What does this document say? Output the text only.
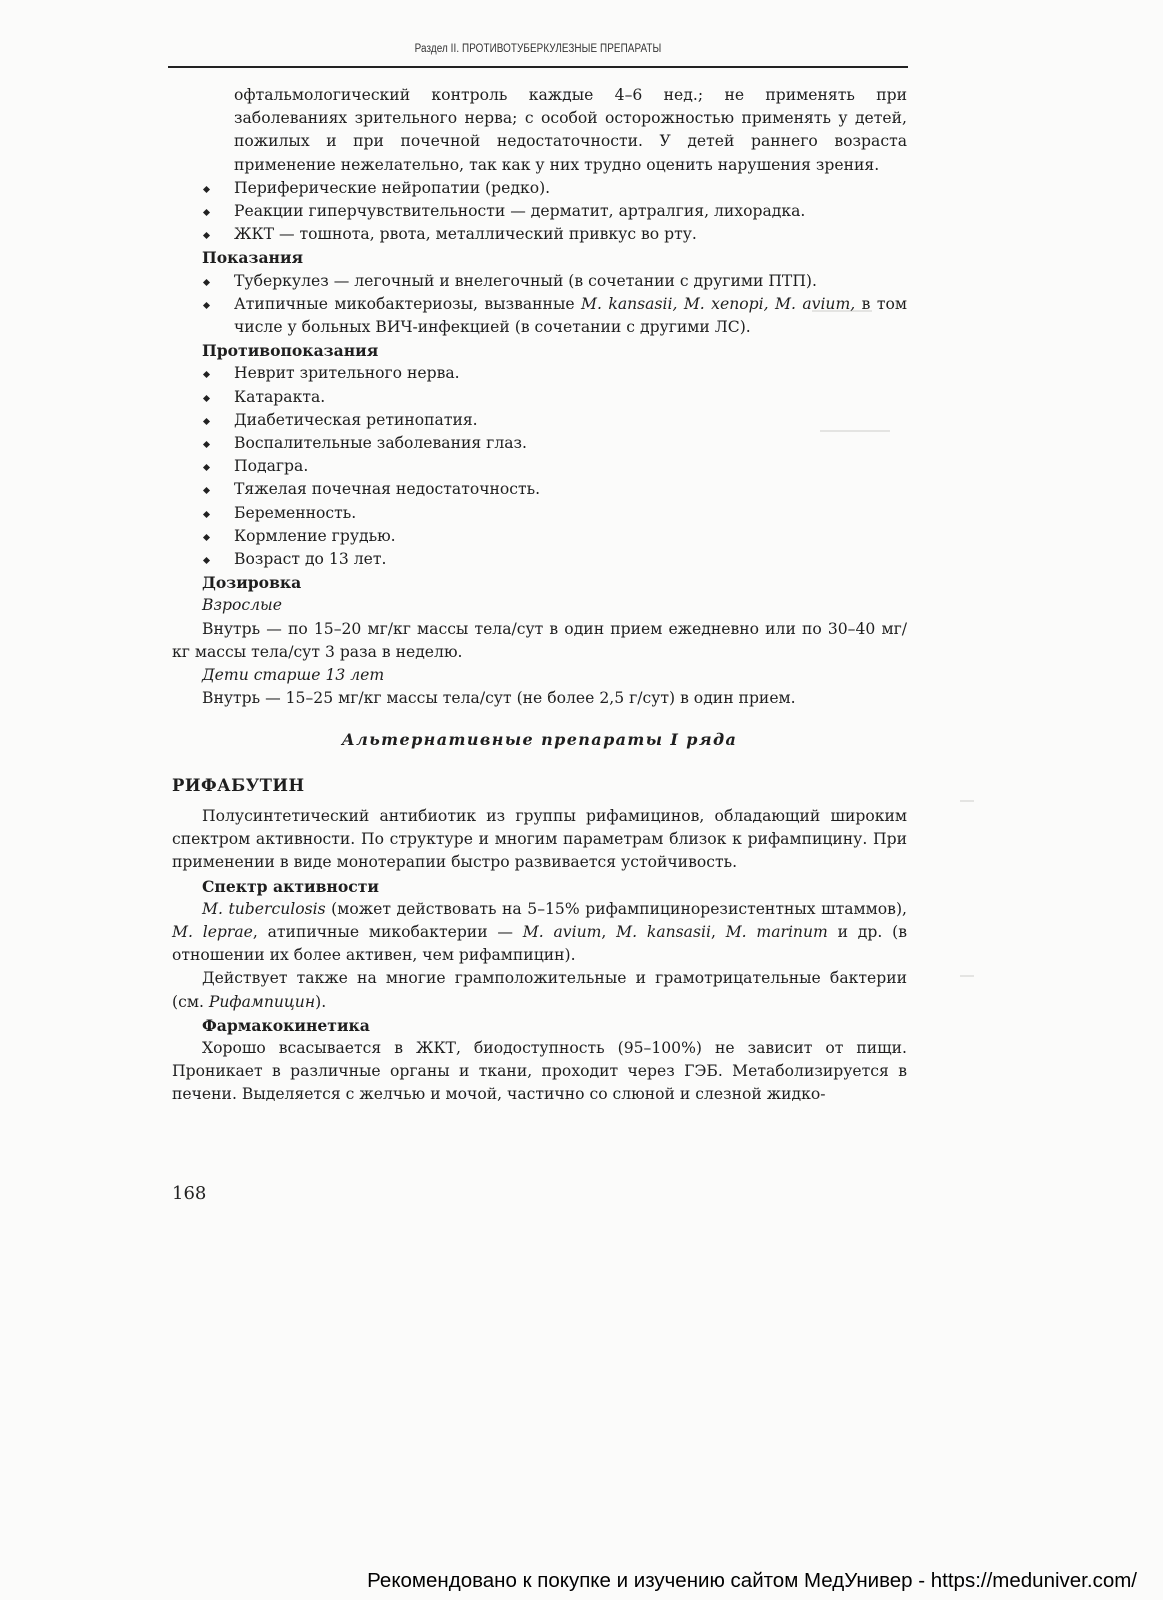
Раздел II. ПРОТИВОТУБЕРКУЛЕЗНЫЕ ПРЕПАРАТЫ

офтальмологический контроль каждые 4–6 нед.; не применять при заболеваниях зрительного нерва; с особой осторожностью применять у детей, пожилых и при почечной недостаточности. У детей раннего возраста применение нежелательно, так как у них трудно оценить нарушения зрения.

Периферические нейропатии (редко).
Реакции гиперчувствительности — дерматит, артралгия, лихорадка.
ЖКТ — тошнота, рвота, металлический привкус во рту.

Показания

Туберкулез — легочный и внелегочный (в сочетании с другими ПТП).
Атипичные микобактериозы, вызванные M. kansasii, M. xenopi, M. avium, в том числе у больных ВИЧ-инфекцией (в сочетании с другими ЛС).

Противопоказания

Неврит зрительного нерва.
Катаракта.
Диабетическая ретинопатия.
Воспалительные заболевания глаз.
Подагра.
Тяжелая почечная недостаточность.
Беременность.
Кормление грудью.
Возраст до 13 лет.

Дозировка

Взрослые

Внутрь — по 15–20 мг/кг массы тела/сут в один прием ежедневно или по 30–40 мг/кг массы тела/сут 3 раза в неделю.

Дети старше 13 лет

Внутрь — 15–25 мг/кг массы тела/сут (не более 2,5 г/сут) в один прием.

Альтернативные препараты I ряда

РИФАБУТИН

Полусинтетический антибиотик из группы рифамицинов, обладающий широким спектром активности. По структуре и многим параметрам близок к рифампицину. При применении в виде монотерапии быстро развивается устойчивость.

Спектр активности

M. tuberculosis (может действовать на 5–15% рифампицинорезистентных штаммов), M. leprae, атипичные микобактерии — M. avium, M. kansasii, M. marinum и др. (в отношении их более активен, чем рифампицин).

Действует также на многие грамположительные и грамотрицательные бактерии (см. Рифампицин).

Фармакокинетика

Хорошо всасывается в ЖКТ, биодоступность (95–100%) не зависит от пищи. Проникает в различные органы и ткани, проходит через ГЭБ. Метаболизируется в печени. Выделяется с желчью и мочой, частично со слюной и слезной жидко-

168
Рекомендовано к покупке и изучению сайтом МедУнивер - https://meduniver.com/
